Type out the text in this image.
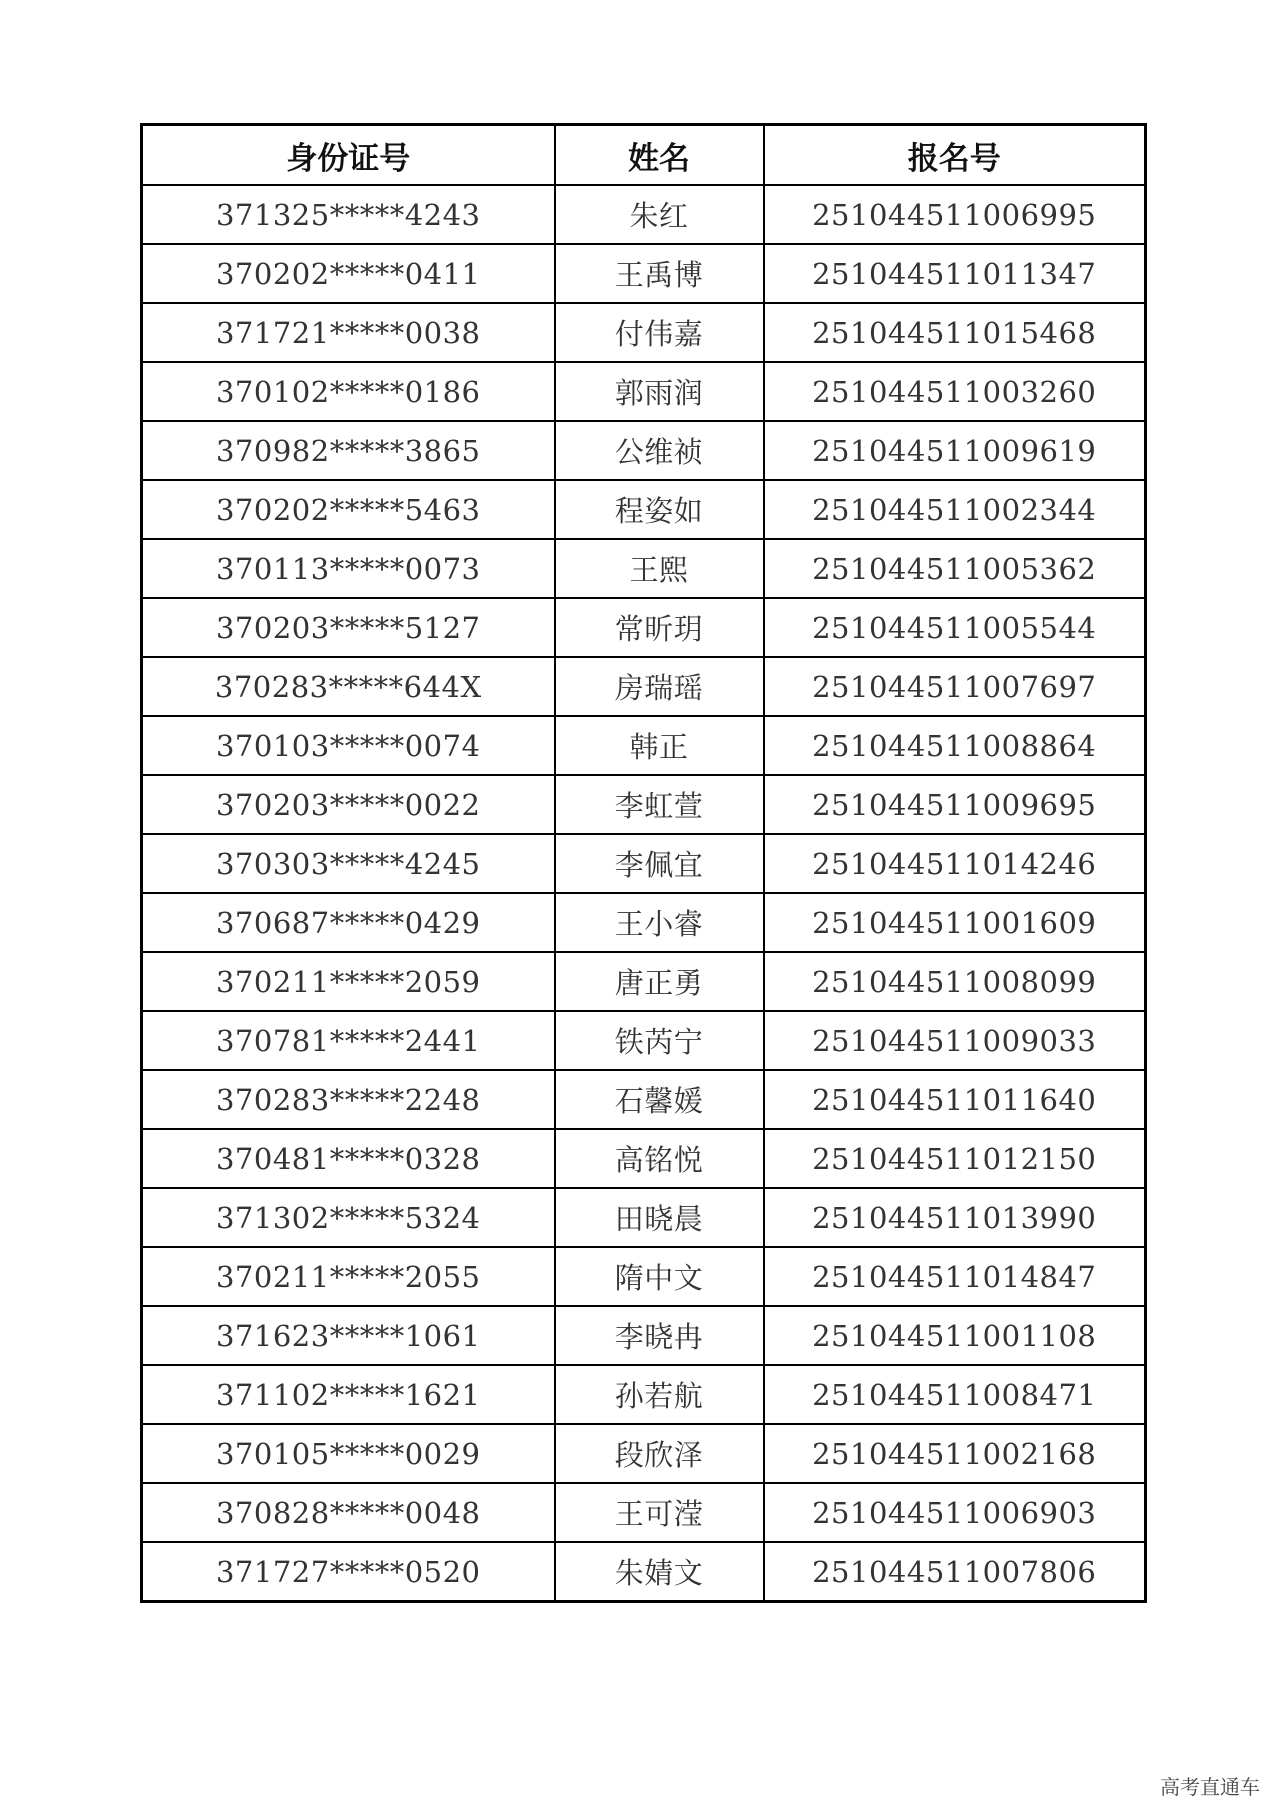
身份证号	姓名	报名号
371325*****4243	朱红	251044511006995
370202*****0411	王禹博	251044511011347
371721*****0038	付伟嘉	251044511015468
370102*****0186	郭雨润	251044511003260
370982*****3865	公维祯	251044511009619
370202*****5463	程姿如	251044511002344
370113*****0073	王熙	251044511005362
370203*****5127	常昕玥	251044511005544
370283*****644X	房瑞瑶	251044511007697
370103*****0074	韩正	251044511008864
370203*****0022	李虹萱	251044511009695
370303*****4245	李佩宜	251044511014246
370687*****0429	王小睿	251044511001609
370211*****2059	唐正勇	251044511008099
370781*****2441	铁芮宁	251044511009033
370283*****2248	石馨媛	251044511011640
370481*****0328	高铭悦	251044511012150
371302*****5324	田晓晨	251044511013990
370211*****2055	隋中文	251044511014847
371623*****1061	李晓冉	251044511001108
371102*****1621	孙若航	251044511008471
370105*****0029	段欣泽	251044511002168
370828*****0048	王可滢	251044511006903
371727*****0520	朱婧文	251044511007806
高考直通车
